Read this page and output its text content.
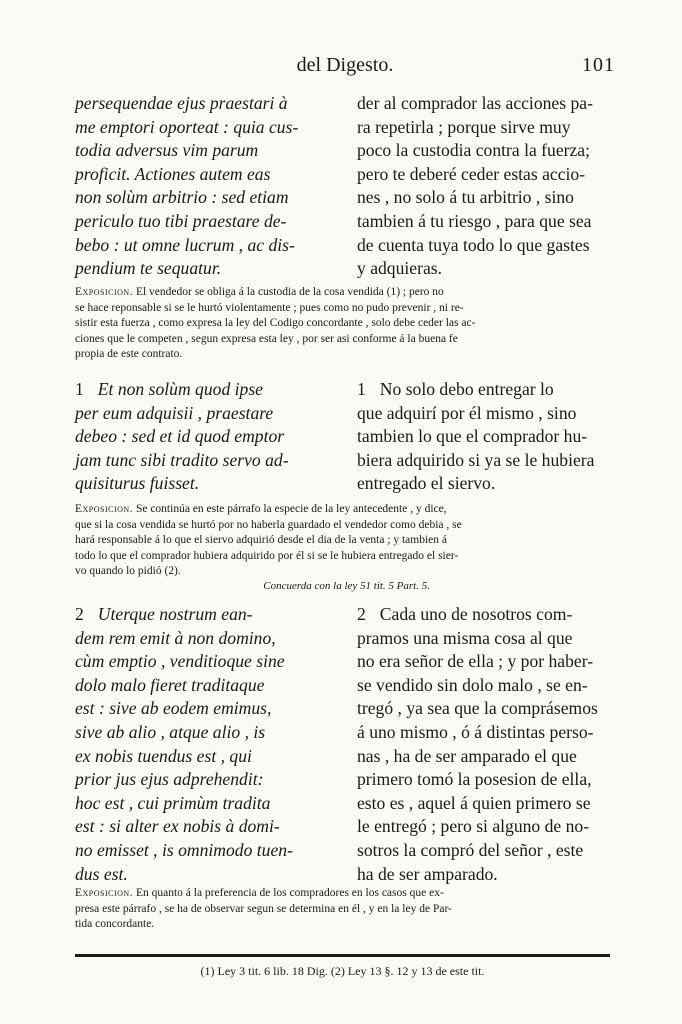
del Digesto.	101
persequendae ejus praestari à
me emptori oporteat : quia cus-
todia adversus vim parum
proficit. Actiones autem eas
non solùm arbitrio : sed etiam
periculo tuo tibi praestare de-
bebo : ut omne lucrum , ac dis-
pendium te sequatur.
der al comprador las acciones pa-
ra repetirla ; porque sirve muy
poco la custodia contra la fuerza;
pero te deberé ceder estas accio-
nes , no solo á tu arbitrio , sino
tambien á tu riesgo , para que sea
de cuenta tuya todo lo que gastes
y adquieras.
Exposicion. El vendedor se obliga á la custodia de la cosa vendida (1) ; pero no
se hace reponsable si se le hurtó violentamente ; pues como no pudo prevenir , ni re-
sistir esta fuerza , como expresa la ley del Codigo concordante , solo debe ceder las ac-
ciones que le competen , segun expresa esta ley , por ser asi conforme á la buena fe
propia de este contrato.
1 Et non solùm quod ipse
per eum adquisii , praestare
debeo : sed et id quod emptor
jam tunc sibi tradito servo ad-
quisiturus fuisset.
1 No solo debo entregar lo
que adquirí por él mismo , sino
tambien lo que el comprador hu-
biera adquirido si ya se le hubiera
entregado el siervo.
Exposicion. Se continúa en este párrafo la especie de la ley antecedente , y dice,
que si la cosa vendida se hurtó por no haberla guardado el vendedor como debia , se
hará responsable á lo que el siervo adquirió desde el dia de la venta ; y tambien á
todo lo que el comprador hubiera adquirido por él si se le hubiera entregado el sier-
vo quando lo pidió (2).
Concuerda con la ley 51 tit. 5 Part. 5.
2 Uterque nostrum ean-
dem rem emit à non domino,
cùm emptio , venditioque sine
dolo malo fieret traditaque
est : sive ab eodem emimus,
sive ab alio , atque alio , is
ex nobis tuendus est , qui
prior jus ejus adprehendit:
hoc est , cui primùm tradita
est : si alter ex nobis à domi-
no emisset , is omnimodo tuen-
dus est.
2 Cada uno de nosotros com-
pramos una misma cosa al que
no era señor de ella ; y por haber-
se vendido sin dolo malo , se en-
tregó , ya sea que la comprásemos
á uno mismo , ó á distintas perso-
nas , ha de ser amparado el que
primero tomó la posesion de ella,
esto es , aquel á quien primero se
le entregó ; pero si alguno de no-
sotros la compró del señor , este
ha de ser amparado.
Exposicion. En quanto á la preferencia de los compradores en los casos que ex-
presa este párrafo , se ha de observar segun se determina en él , y en la ley de Par-
tida concordante.
(1) Ley 3 tit. 6 lib. 18 Dig. (2) Ley 13 §. 12 y 13 de este tit.
